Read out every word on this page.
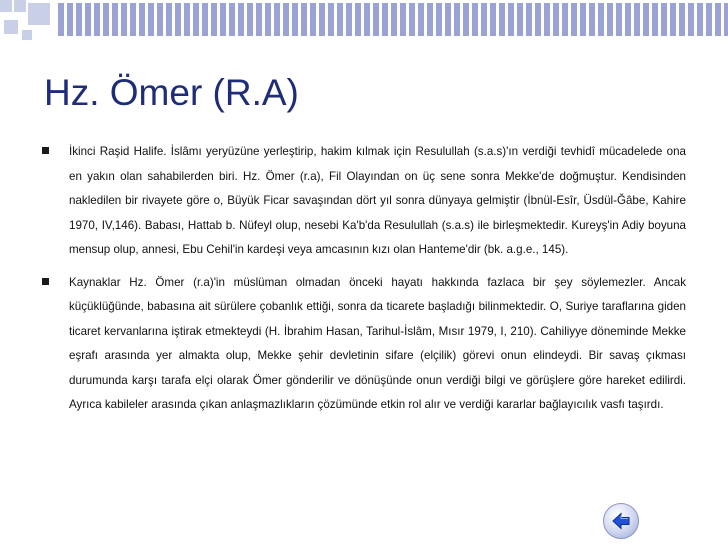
Hz. Ömer (R.A)
İkinci Raşid Halife. İslâmı yeryüzüne yerleştirip, hakim kılmak için Resulullah (s.a.s)'ın verdiği tevhidî mücadelede ona en yakın olan sahabilerden biri. Hz. Ömer (r.a), Fil Olayından on üç sene sonra Mekke'de doğmuştur. Kendisinden nakledilen bir rivayete göre o, Büyük Ficar savaşından dört yıl sonra dünyaya gelmiştir (İbnül-Esîr, Üsdül-Ğâbe, Kahire 1970, IV,146). Babası, Hattab b. Nüfeyl olup, nesebi Ka'b'da Resulullah (s.a.s) ile birleşmektedir. Kureyş'in Adiy boyuna mensup olup, annesi, Ebu Cehil'in kardeşi veya amcasının kızı olan Hanteme'dir (bk. a.g.e., 145).
Kaynaklar Hz. Ömer (r.a)'in müslüman olmadan önceki hayatı hakkında fazlaca bir şey söylemezler. Ancak küçüklüğünde, babasına ait sürülere çobanlık ettiği, sonra da ticarete başladığı bilinmektedir. O, Suriye taraflarına giden ticaret kervanlarına iştirak etmekteydi (H. İbrahim Hasan, Tarihul-İslâm, Mısır 1979, I, 210). Cahiliyye döneminde Mekke eşrafı arasında yer almakta olup, Mekke şehir devletinin sifare (elçilik) görevi onun elindeydi. Bir savaş çıkması durumunda karşı tarafa elçi olarak Ömer gönderilir ve dönüşünde onun verdiği bilgi ve görüşlere göre hareket edilirdi. Ayrıca kabileler arasında çıkan anlaşmazlıkların çözümünde etkin rol alır ve verdiği kararlar bağlayıcılık vasfı taşırdı.
